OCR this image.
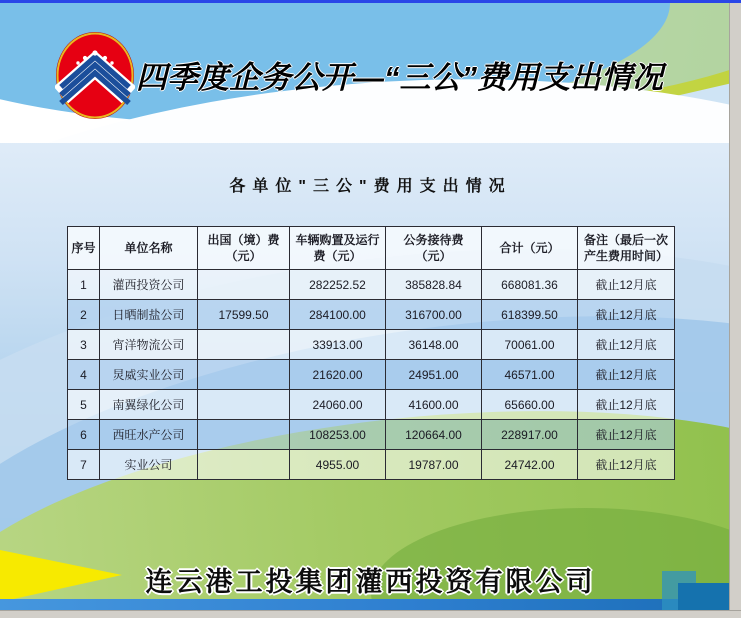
四季度企务公开—“三公”费用支出情况
各单位"三公"费用支出情况
序号	单位名称	出国（境）费（元）	车辆购置及运行费（元）	公务接待费（元）	合计（元）	备注（最后一次产生费用时间）
1	灌西投资公司		282252.52	385828.84	668081.36	截止12月底
2	日晒制盐公司	17599.50	284100.00	316700.00	618399.50	截止12月底
3	宵洋物流公司		33913.00	36148.00	70061.00	截止12月底
4	炅威实业公司		21620.00	24951.00	46571.00	截止12月底
5	南翼绿化公司		24060.00	41600.00	65660.00	截止12月底
6	西旺水产公司		108253.00	120664.00	228917.00	截止12月底
7	实业公司		4955.00	19787.00	24742.00	截止12月底
连云港工投集团灌西投资有限公司
